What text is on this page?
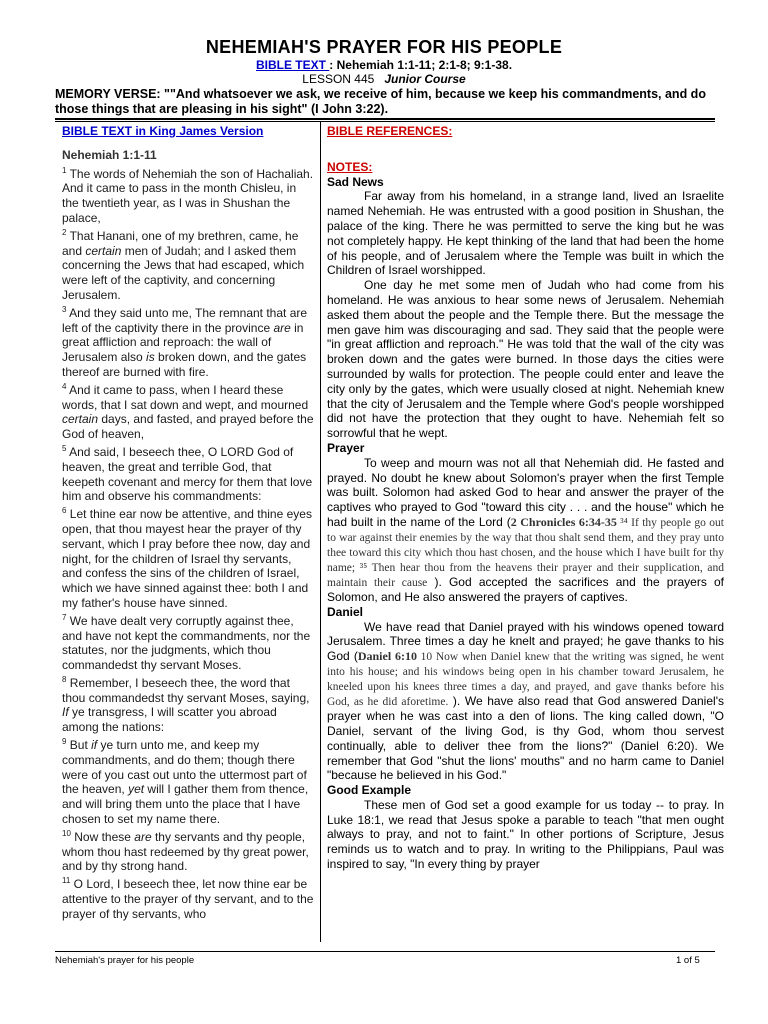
NEHEMIAH'S PRAYER FOR HIS PEOPLE
BIBLE TEXT : Nehemiah 1:1-11; 2:1-8; 9:1-38.
LESSON 445 Junior Course
MEMORY VERSE: ""And whatsoever we ask, we receive of him, because we keep his commandments, and do those things that are pleasing in his sight" (I John 3:22).
BIBLE TEXT in King James Version
Nehemiah 1:1-11
$^1$ The words of Nehemiah the son of Hachaliah. And it came to pass in the month Chisleu, in the twentieth year, as I was in Shushan the palace,
$^2$ That Hanani, one of my brethren, came, he and certain men of Judah; and I asked them concerning the Jews that had escaped, which were left of the captivity, and concerning Jerusalem.
$^3$ And they said unto me, The remnant that are left of the captivity there in the province are in great affliction and reproach: the wall of Jerusalem also is broken down, and the gates thereof are burned with fire.
$^4$ And it came to pass, when I heard these words, that I sat down and wept, and mourned certain days, and fasted, and prayed before the God of heaven,
$^5$ And said, I beseech thee, O LORD God of heaven, the great and terrible God, that keepeth covenant and mercy for them that love him and observe his commandments:
$^6$ Let thine ear now be attentive, and thine eyes open, that thou mayest hear the prayer of thy servant, which I pray before thee now, day and night, for the children of Israel thy servants, and confess the sins of the children of Israel, which we have sinned against thee: both I and my father's house have sinned.
$^7$ We have dealt very corruptly against thee, and have not kept the commandments, nor the statutes, nor the judgments, which thou commandedst thy servant Moses.
$^8$ Remember, I beseech thee, the word that thou commandedst thy servant Moses, saying, If ye transgress, I will scatter you abroad among the nations:
$^9$ But if ye turn unto me, and keep my commandments, and do them; though there were of you cast out unto the uttermost part of the heaven, yet will I gather them from thence, and will bring them unto the place that I have chosen to set my name there.
$^{10}$ Now these are thy servants and thy people, whom thou hast redeemed by thy great power, and by thy strong hand.
$^{11}$ O Lord, I beseech thee, let now thine ear be attentive to the prayer of thy servant, and to the prayer of thy servants, who
BIBLE REFERENCES:
NOTES:
Sad News

Far away from his homeland, in a strange land, lived an Israelite named Nehemiah. He was entrusted with a good position in Shushan, the palace of the king. There he was permitted to serve the king but he was not completely happy. He kept thinking of the land that had been the home of his people, and of Jerusalem where the Temple was built in which the Children of Israel worshipped.

One day he met some men of Judah who had come from his homeland. He was anxious to hear some news of Jerusalem. Nehemiah asked them about the people and the Temple there. But the message the men gave him was discouraging and sad. They said that the people were "in great affliction and reproach." He was told that the wall of the city was broken down and the gates were burned. In those days the cities were surrounded by walls for protection. The people could enter and leave the city only by the gates, which were usually closed at night. Nehemiah knew that the city of Jerusalem and the Temple where God's people worshipped did not have the protection that they ought to have. Nehemiah felt so sorrowful that he wept.

Prayer

To weep and mourn was not all that Nehemiah did. He fasted and prayed. No doubt he knew about Solomon's prayer when the first Temple was built. Solomon had asked God to hear and answer the prayer of the captives who prayed to God "toward this city . . . and the house" which he had built in the name of the Lord (2 Chronicles 6:34-35 ³⁴ If thy people go out to war against their enemies by the way that thou shalt send them, and they pray unto thee toward this city which thou hast chosen, and the house which I have built for thy name; ³⁵ Then hear thou from the heavens their prayer and their supplication, and maintain their cause ). God accepted the sacrifices and the prayers of Solomon, and He also answered the prayers of captives.

Daniel

We have read that Daniel prayed with his windows opened toward Jerusalem. Three times a day he knelt and prayed; he gave thanks to his God (Daniel 6:10 10 Now when Daniel knew that the writing was signed, he went into his house; and his windows being open in his chamber toward Jerusalem, he kneeled upon his knees three times a day, and prayed, and gave thanks before his God, as he did aforetime. ). We have also read that God answered Daniel's prayer when he was cast into a den of lions. The king called down, "O Daniel, servant of the living God, is thy God, whom thou servest continually, able to deliver thee from the lions?" (Daniel 6:20). We remember that God "shut the lions' mouths" and no harm came to Daniel "because he believed in his God."

Good Example

These men of God set a good example for us today -- to pray. In Luke 18:1, we read that Jesus spoke a parable to teach "that men ought always to pray, and not to faint." In other portions of Scripture, Jesus reminds us to watch and to pray. In writing to the Philippians, Paul was inspired to say, "In every thing by prayer

Nehemiah's prayer for his people	1 of 5
